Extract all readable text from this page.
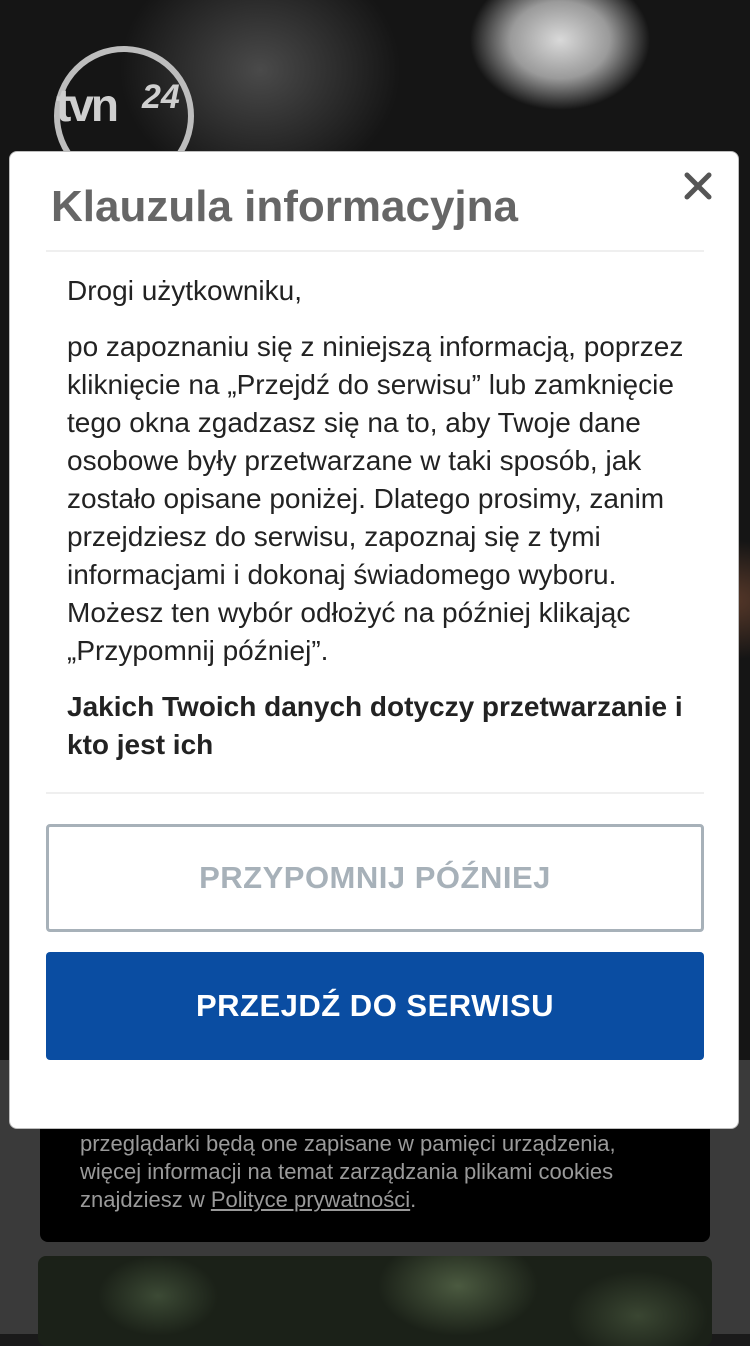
tvn 24
przeglądarki będą one zapisane w pamięci urządzenia, więcej informacji na temat zarządzania plikami cookies znajdziesz w Polityce prywatności.
Klauzula informacyjna

Drogi użytkowniku,

po zapoznaniu się z niniejszą informacją, poprzez kliknięcie na „Przejdź do serwisu” lub zamknięcie tego okna zgadzasz się na to, aby Twoje dane osobowe były przetwarzane w taki sposób, jak zostało opisane poniżej. Dlatego prosimy, zanim przejdziesz do serwisu, zapoznaj się z tymi informacjami i dokonaj świadomego wyboru. Możesz ten wybór odłożyć na później klikając „Przypomnij później”.

Jakich Twoich danych dotyczy przetwarzanie i kto jest ich

PRZYPOMNIJ PÓŹNIEJ
PRZEJDŹ DO SERWISU
